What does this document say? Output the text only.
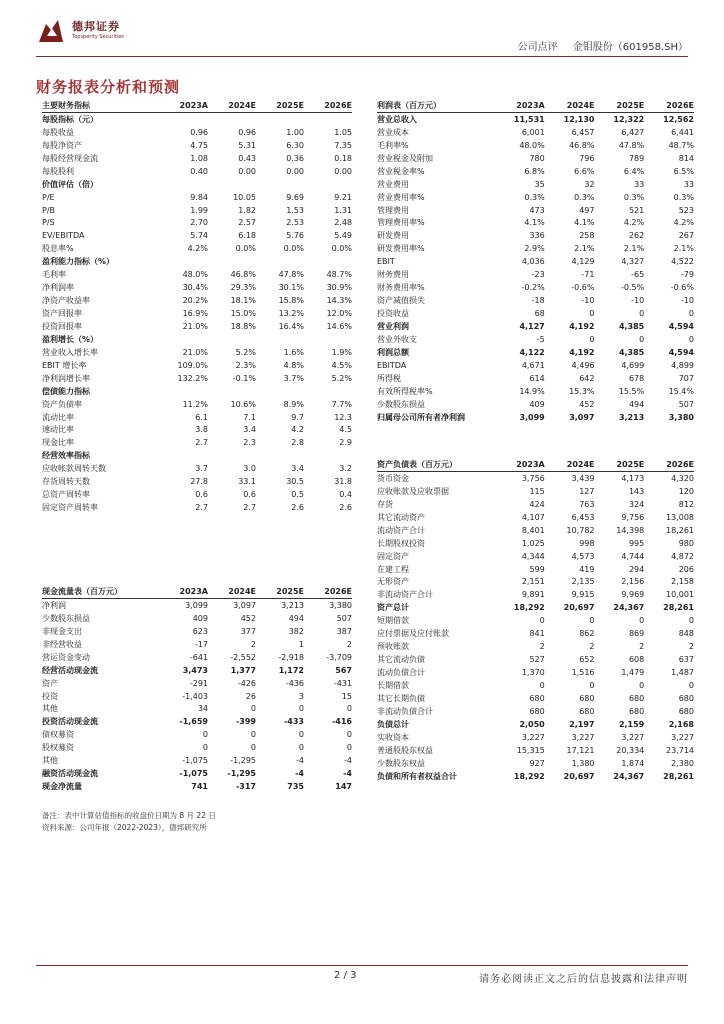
德邦证券
Topsperity Securities
公司点评 金钼股份（601958.SH）
财务报表分析和预测
主要财务指标	2023A	2024E	2025E	2026E
每股指标（元）
每股收益	0.96	0.96	1.00	1.05
每股净资产	4.75	5.31	6.30	7.35
每股经营现金流	1.08	0.43	0.36	0.18
每股股利	0.40	0.00	0.00	0.00
价值评估（倍）
P/E	9.84	10.05	9.69	9.21
P/B	1.99	1.82	1.53	1.31
P/S	2.70	2.57	2.53	2.48
EV/EBITDA	5.74	6.18	5.76	5.49
股息率%	4.2%	0.0%	0.0%	0.0%
盈利能力指标（%）
毛利率	48.0%	46.8%	47.8%	48.7%
净利润率	30.4%	29.3%	30.1%	30.9%
净资产收益率	20.2%	18.1%	15.8%	14.3%
资产回报率	16.9%	15.0%	13.2%	12.0%
投资回报率	21.0%	18.8%	16.4%	14.6%
盈利增长（%）
营业收入增长率	21.0%	5.2%	1.6%	1.9%
EBIT 增长率	109.0%	2.3%	4.8%	4.5%
净利润增长率	132.2%	-0.1%	3.7%	5.2%
偿债能力指标
资产负债率	11.2%	10.6%	8.9%	7.7%
流动比率	6.1	7.1	9.7	12.3
速动比率	3.8	3.4	4.2	4.5
现金比率	2.7	2.3	2.8	2.9
经营效率指标
应收帐款周转天数	3.7	3.0	3.4	3.2
存货周转天数	27.8	33.1	30.5	31.8
总资产周转率	0.6	0.6	0.5	0.4
固定资产周转率	2.7	2.7	2.6	2.6
现金流量表（百万元）	2023A	2024E	2025E	2026E
净利润	3,099	3,097	3,213	3,380
少数股东损益	409	452	494	507
非现金支出	623	377	382	387
非经营收益	-17	2	1	2
营运资金变动	-641	-2,552	-2,918	-3,709
经营活动现金流	3,473	1,377	1,172	567
资产	-291	-426	-436	-431
投资	-1,403	26	3	15
其他	34	0	0	0
投资活动现金流	-1,659	-399	-433	-416
债权募资	0	0	0	0
股权募资	0	0	0	0
其他	-1,075	-1,295	-4	-4
融资活动现金流	-1,075	-1,295	-4	-4
现金净流量	741	-317	735	147
利润表（百万元）	2023A	2024E	2025E	2026E
营业总收入	11,531	12,130	12,322	12,562
营业成本	6,001	6,457	6,427	6,441
毛利率%	48.0%	46.8%	47.8%	48.7%
营业税金及附加	780	796	789	814
营业税金率%	6.8%	6.6%	6.4%	6.5%
营业费用	35	32	33	33
营业费用率%	0.3%	0.3%	0.3%	0.3%
管理费用	473	497	521	523
管理费用率%	4.1%	4.1%	4.2%	4.2%
研发费用	336	258	262	267
研发费用率%	2.9%	2.1%	2.1%	2.1%
EBIT	4,036	4,129	4,327	4,522
财务费用	-23	-71	-65	-79
财务费用率%	-0.2%	-0.6%	-0.5%	-0.6%
资产减值损失	-18	-10	-10	-10
投资收益	68	0	0	0
营业利润	4,127	4,192	4,385	4,594
营业外收支	-5	0	0	0
利润总额	4,122	4,192	4,385	4,594
EBITDA	4,671	4,496	4,699	4,899
所得税	614	642	678	707
有效所得税率%	14.9%	15.3%	15.5%	15.4%
少数股东损益	409	452	494	507
归属母公司所有者净利润	3,099	3,097	3,213	3,380
资产负债表（百万元）	2023A	2024E	2025E	2026E
货币资金	3,756	3,439	4,173	4,320
应收账款及应收票据	115	127	143	120
存货	424	763	324	812
其它流动资产	4,107	6,453	9,756	13,008
流动资产合计	8,401	10,782	14,398	18,261
长期股权投资	1,025	998	995	980
固定资产	4,344	4,573	4,744	4,872
在建工程	599	419	294	206
无形资产	2,151	2,135	2,156	2,158
非流动资产合计	9,891	9,915	9,969	10,001
资产总计	18,292	20,697	24,367	28,261
短期借款	0	0	0	0
应付票据及应付账款	841	862	869	848
预收账款	2	2	2	2
其它流动负债	527	652	608	637
流动负债合计	1,370	1,516	1,479	1,487
长期借款	0	0	0	0
其它长期负债	680	680	680	680
非流动负债合计	680	680	680	680
负债总计	2,050	2,197	2,159	2,168
实收资本	3,227	3,227	3,227	3,227
普通股股东权益	15,315	17,121	20,334	23,714
少数股东权益	927	1,380	1,874	2,380
负债和所有者权益合计	18,292	20,697	24,367	28,261
备注：表中计算估值指标的收盘价日期为 8 月 22 日
资料来源：公司年报（2022-2023），德邦研究所
2 / 3	请务必阅读正文之后的信息披露和法律声明
